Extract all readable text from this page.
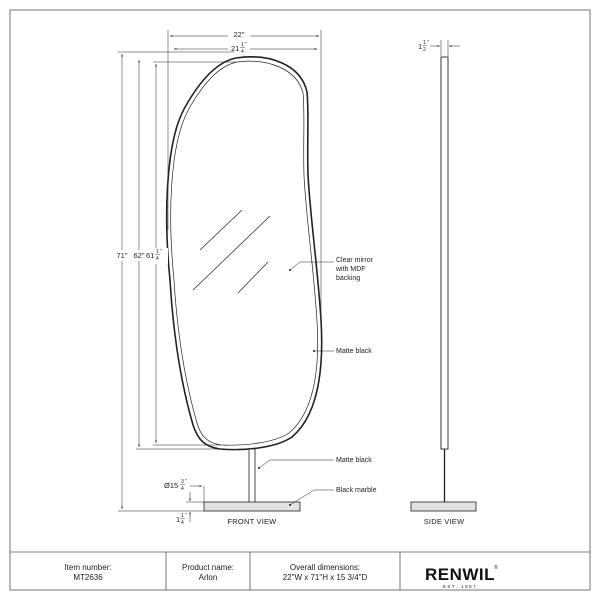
22"
21 1
4
"
71" 62" 61 1
4
"
Ø15 3
4
"
1 1
4
"
Clear mirror
with MDF
backing
Matte black
Matte black
Black marble
FRONT VIEW
1 1
2
"
SIDE VIEW
Item number:
MT2636
Product name:
Arlon
Overall dimensions:
22"W x 71"H x 15 3/4"D	RENWIL
®
EST. 1967
